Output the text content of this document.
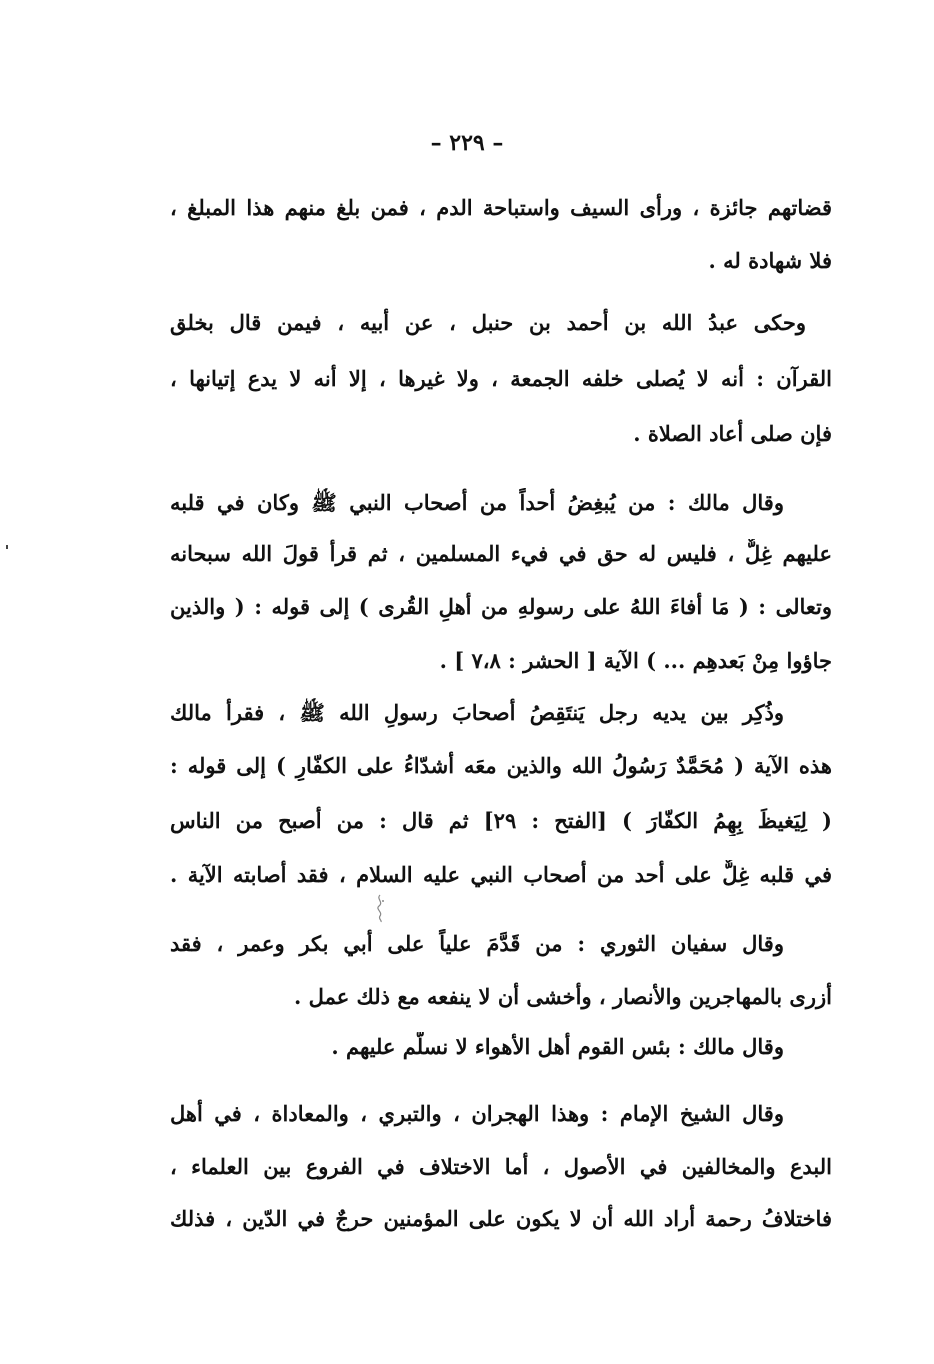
– ٢٢٩ –
قضاتهم جائزة ، ورأى السيف واستباحة الدم ، فمن بلغ منهم هذا المبلغ ،
فلا شهادة له .
وحكى عبدُ الله بن أحمد بن حنبل ، عن أبيه ، فيمن قال بخلق
القرآن : أنه لا يُصلى خلفه الجمعة ، ولا غيرها ، إلا أنه لا يدع إتيانها ،
فإن صلى أعاد الصلاة .
وقال مالك : من يُبغِضُ أحداً من أصحاب النبي ﷺ وكان في قلبه
عليهم غِلٌّ ، فليس له حق في فيء المسلمين ، ثم قرأ قولَ الله سبحانه
وتعالى : ( مَا أفاءَ اللهُ على رسولهِ من أهلِ القُرى ) إلى قوله : ( والذين
جاؤوا مِنْ بَعدهِم ... ) الآية [ الحشر : ٧،٨ ] .
وذُكِر بين يديه رجل يَنتَقِصُ أصحابَ رسولِ الله ﷺ ، فقرأ مالك
هذه الآية ( مُحَمَّدٌ رَسُولُ الله والذين معَه أشدّاءُ على الكفّارِ ) إلى قوله :
( لِيَغيظَ بِهِمُ الكفّارَ ) [الفتح : ٢٩] ثم قال : من أصبح من الناس
في قلبه غِلٌّ على أحد من أصحاب النبي عليه السلام ، فقد أصابته الآية .
وقال سفيان الثوري : من قَدَّمَ علياً على أبي بكر وعمر ، فقد
أزرى بالمهاجرين والأنصار ، وأخشى أن لا ينفعه مع ذلك عمل .
وقال مالك : بئس القوم أهل الأهواء لا نسلّم عليهم .
وقال الشيخ الإمام : وهذا الهجران ، والتبري ، والمعاداة ، في أهل
البدع والمخالفين في الأصول ، أما الاختلاف في الفروع بين العلماء ،
فاختلافُ رحمة أراد الله أن لا يكون على المؤمنين حرجٌ في الدّين ، فذلك
